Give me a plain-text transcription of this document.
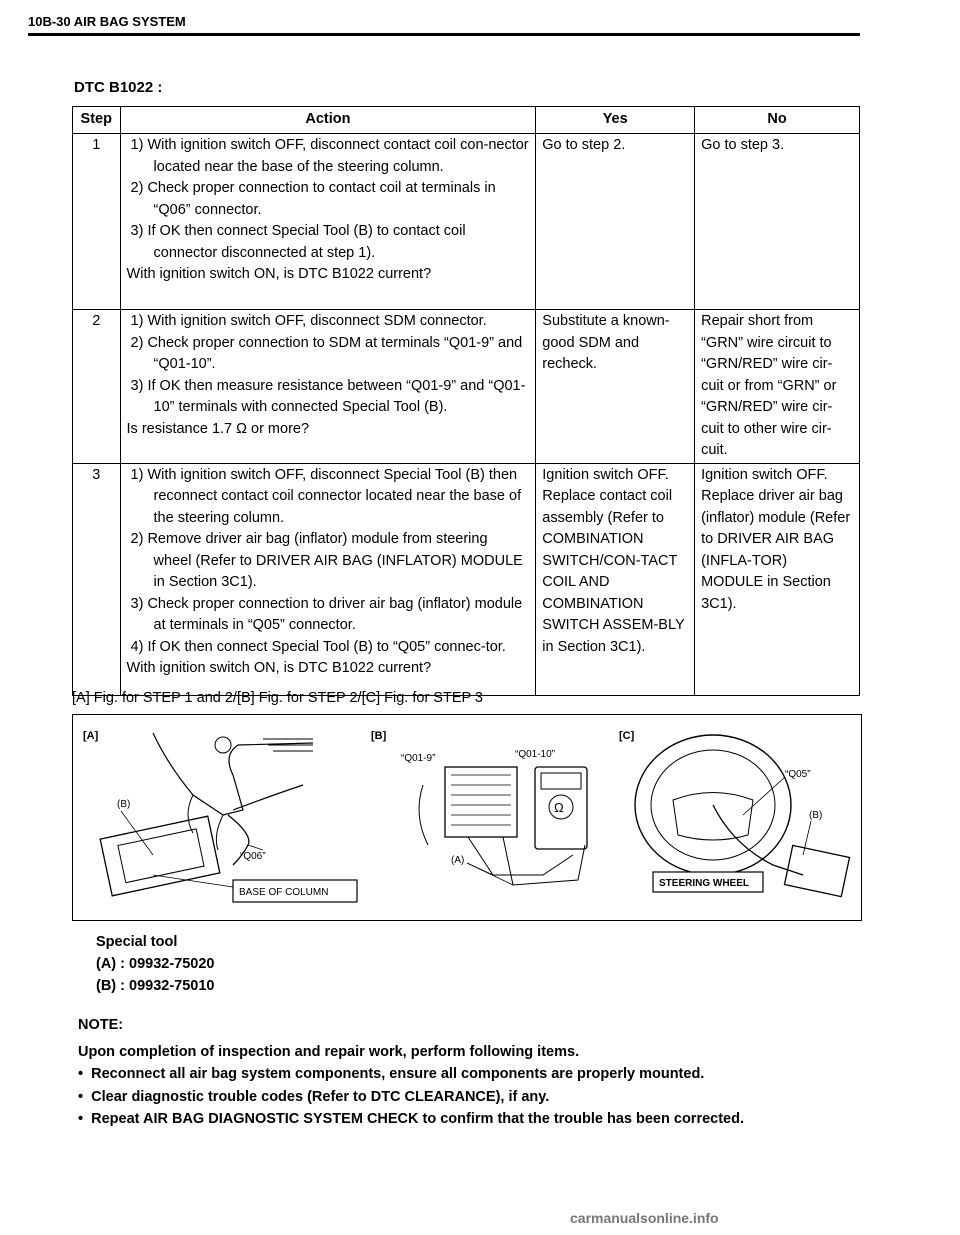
10B-30 AIR BAG SYSTEM
DTC B1022 :
Step	Action	Yes	No
1	1) With ignition switch OFF, disconnect contact coil con-nector located near the base of the steering column.
2) Check proper connection to contact coil at terminals in “Q06” connector.
3) If OK then connect Special Tool (B) to contact coil connector disconnected at step 1).
With ignition switch ON, is DTC B1022 current?	Go to step 2.	Go to step 3.
2	1) With ignition switch OFF, disconnect SDM connector.
2) Check proper connection to SDM at terminals “Q01-9” and “Q01-10”.
3) If OK then measure resistance between “Q01-9” and “Q01-10” terminals with connected Special Tool (B).
Is resistance 1.7 Ω or more?	Substitute a known-good SDM and recheck.	Repair short from “GRN” wire circuit to “GRN/RED” wire cir-cuit or from “GRN” or “GRN/RED” wire cir-cuit to other wire cir-cuit.
3	1) With ignition switch OFF, disconnect Special Tool (B) then reconnect contact coil connector located near the base of the steering column.
2) Remove driver air bag (inflator) module from steering wheel (Refer to DRIVER AIR BAG (INFLATOR) MODULE in Section 3C1).
3) Check proper connection to driver air bag (inflator) module at terminals in “Q05” connector.
4) If OK then connect Special Tool (B) to “Q05” connec-tor.
With ignition switch ON, is DTC B1022 current?	Ignition switch OFF. Replace contact coil assembly (Refer to COMBINATION SWITCH/CON-TACT COIL AND COMBINATION SWITCH ASSEM-BLY in Section 3C1).	Ignition switch OFF. Replace driver air bag (inflator) module (Refer to DRIVER AIR BAG (INFLA-TOR) MODULE in Section 3C1).
[A] Fig. for STEP 1 and 2/[B] Fig. for STEP 2/[C] Fig. for STEP 3
[A]
(B)
“Q06”
BASE OF COLUMN
[B]
“Q01-9”	“Q01-10”
Ω
(A)
[C]
“Q05”
(B)
STEERING WHEEL
Special tool
(A) : 09932-75020
(B) : 09932-75010
NOTE:
Upon completion of inspection and repair work, perform following items.
•  Reconnect all air bag system components, ensure all components are properly mounted.
•  Clear diagnostic trouble codes (Refer to DTC CLEARANCE), if any.
•  Repeat AIR BAG DIAGNOSTIC SYSTEM CHECK to confirm that the trouble has been corrected.
carmanualsonline.info
